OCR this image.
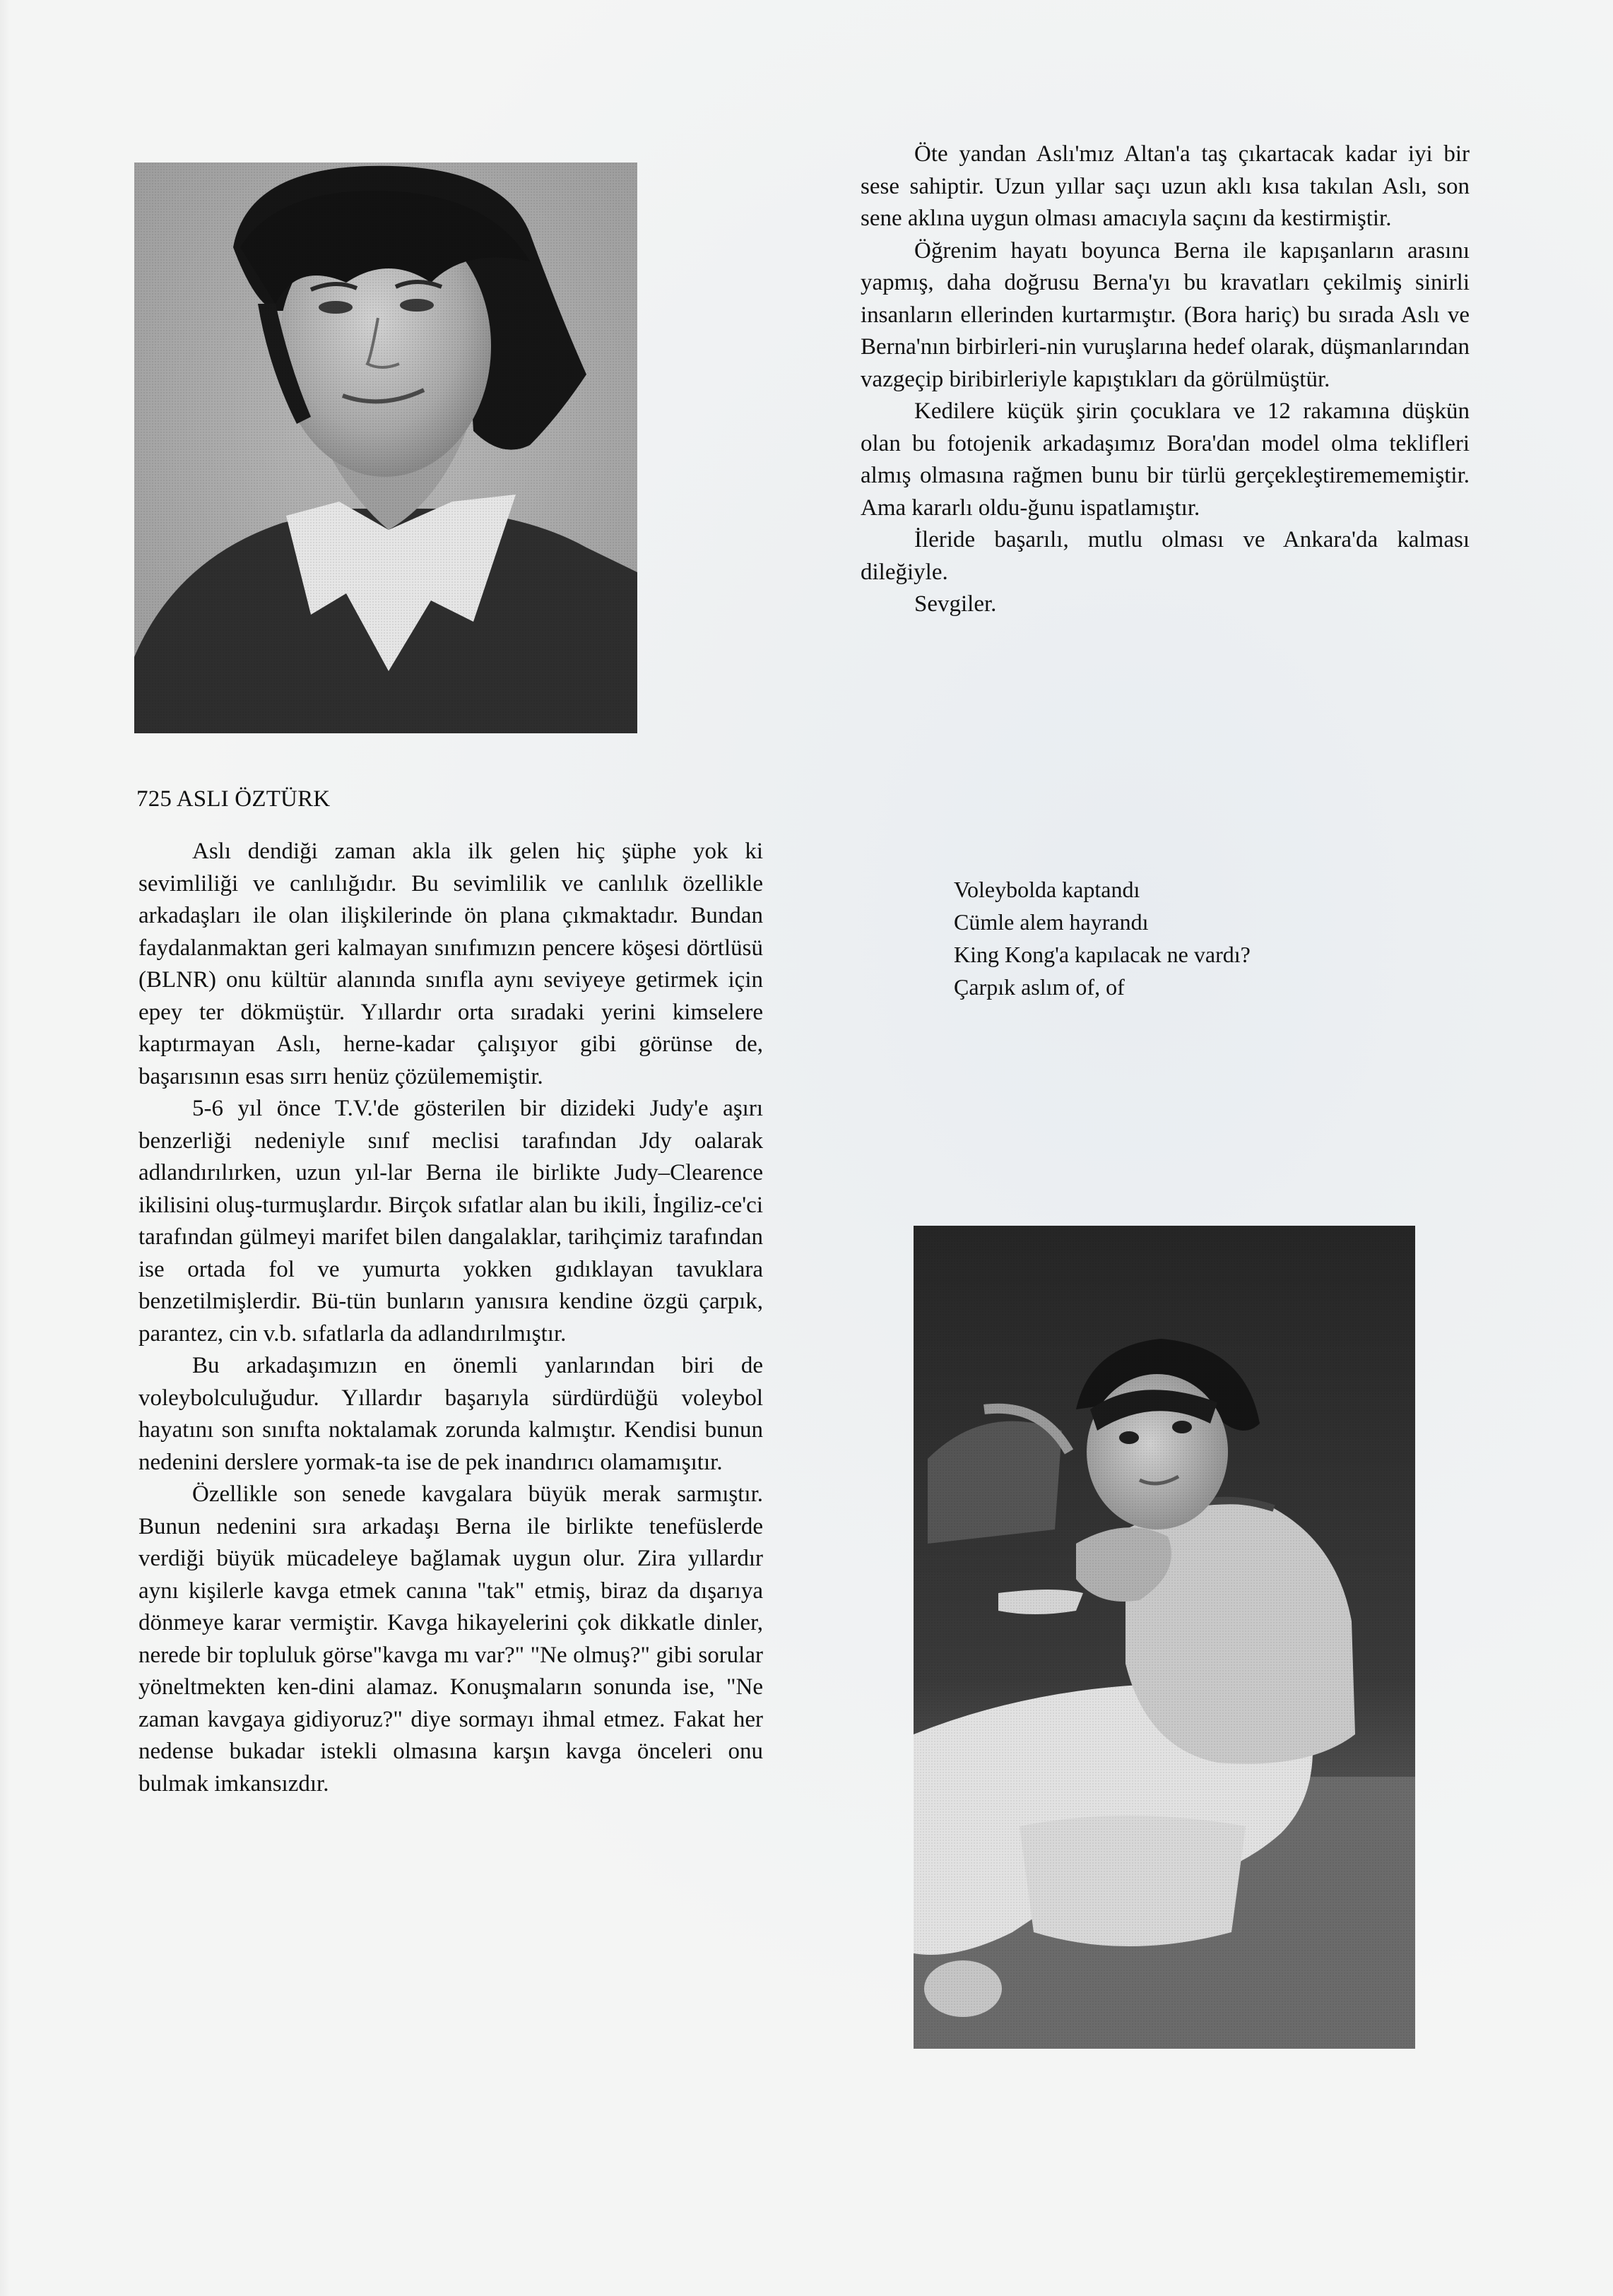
725 ASLI ÖZTÜRK

Aslı dendiği zaman akla ilk gelen hiç şüphe yok ki sevimliliği ve canlılığıdır. Bu sevimlilik ve canlılık özellikle arkadaşları ile olan ilişkilerinde ön plana çıkmaktadır. Bundan faydalanmaktan geri kalmayan sınıfımızın pencere köşesi dörtlüsü (BLNR) onu kültür alanında sınıfla aynı seviyeye getirmek için epey ter dökmüştür. Yıllardır orta sıradaki yerini kimselere kaptırmayan Aslı, herne-kadar çalışıyor gibi görünse de, başarısının esas sırrı henüz çözülememiştir.

5-6 yıl önce T.V.'de gösterilen bir dizideki Judy'e aşırı benzerliği nedeniyle sınıf meclisi tarafından Jdy oalarak adlandırılırken, uzun yıl-lar Berna ile birlikte Judy–Clearence ikilisini oluş-turmuşlardır. Birçok sıfatlar alan bu ikili, İngiliz-ce'ci tarafından gülmeyi marifet bilen dangalaklar, tarihçimiz tarafından ise ortada fol ve yumurta yokken gıdıklayan tavuklara benzetilmişlerdir. Bü-tün bunların yanısıra kendine özgü çarpık, parantez, cin v.b. sıfatlarla da adlandırılmıştır.

Bu arkadaşımızın en önemli yanlarından biri de voleybolculuğudur. Yıllardır başarıyla sürdürdüğü voleybol hayatını son sınıfta noktalamak zorunda kalmıştır. Kendisi bunun nedenini derslere yormak-ta ise de pek inandırıcı olamamışıtır.

Özellikle son senede kavgalara büyük merak sarmıştır. Bunun nedenini sıra arkadaşı Berna ile birlikte tenefüslerde verdiği büyük mücadeleye bağlamak uygun olur. Zira yıllardır aynı kişilerle kavga etmek canına "tak" etmiş, biraz da dışarıya dönmeye karar vermiştir. Kavga hikayelerini çok dikkatle dinler, nerede bir topluluk görse"kavga mı var?" "Ne olmuş?" gibi sorular yöneltmekten ken-dini alamaz. Konuşmaların sonunda ise, "Ne zaman kavgaya gidiyoruz?" diye sormayı ihmal etmez. Fakat her nedense bukadar istekli olmasına karşın kavga önceleri onu bulmak imkansızdır.

Öte yandan Aslı'mız Altan'a taş çıkartacak kadar iyi bir sese sahiptir. Uzun yıllar saçı uzun aklı kısa takılan Aslı, son sene aklına uygun olması amacıyla saçını da kestirmiştir.

Öğrenim hayatı boyunca Berna ile kapışanların arasını yapmış, daha doğrusu Berna'yı bu kravatları çekilmiş sinirli insanların ellerinden kurtarmıştır. (Bora hariç) bu sırada Aslı ve Berna'nın birbirleri-nin vuruşlarına hedef olarak, düşmanlarından vazgeçip biribirleriyle kapıştıkları da görülmüştür.

Kedilere küçük şirin çocuklara ve 12 rakamına düşkün olan bu fotojenik arkadaşımız Bora'dan model olma teklifleri almış olmasına rağmen bunu bir türlü gerçekleştiremememiştir. Ama kararlı oldu-ğunu ispatlamıştır.

İleride başarılı, mutlu olması ve Ankara'da kalması dileğiyle.

Sevgiler.

Voleybolda kaptandı
Cümle alem hayrandı
King Kong'a kapılacak ne vardı?
Çarpık aslım of, of
